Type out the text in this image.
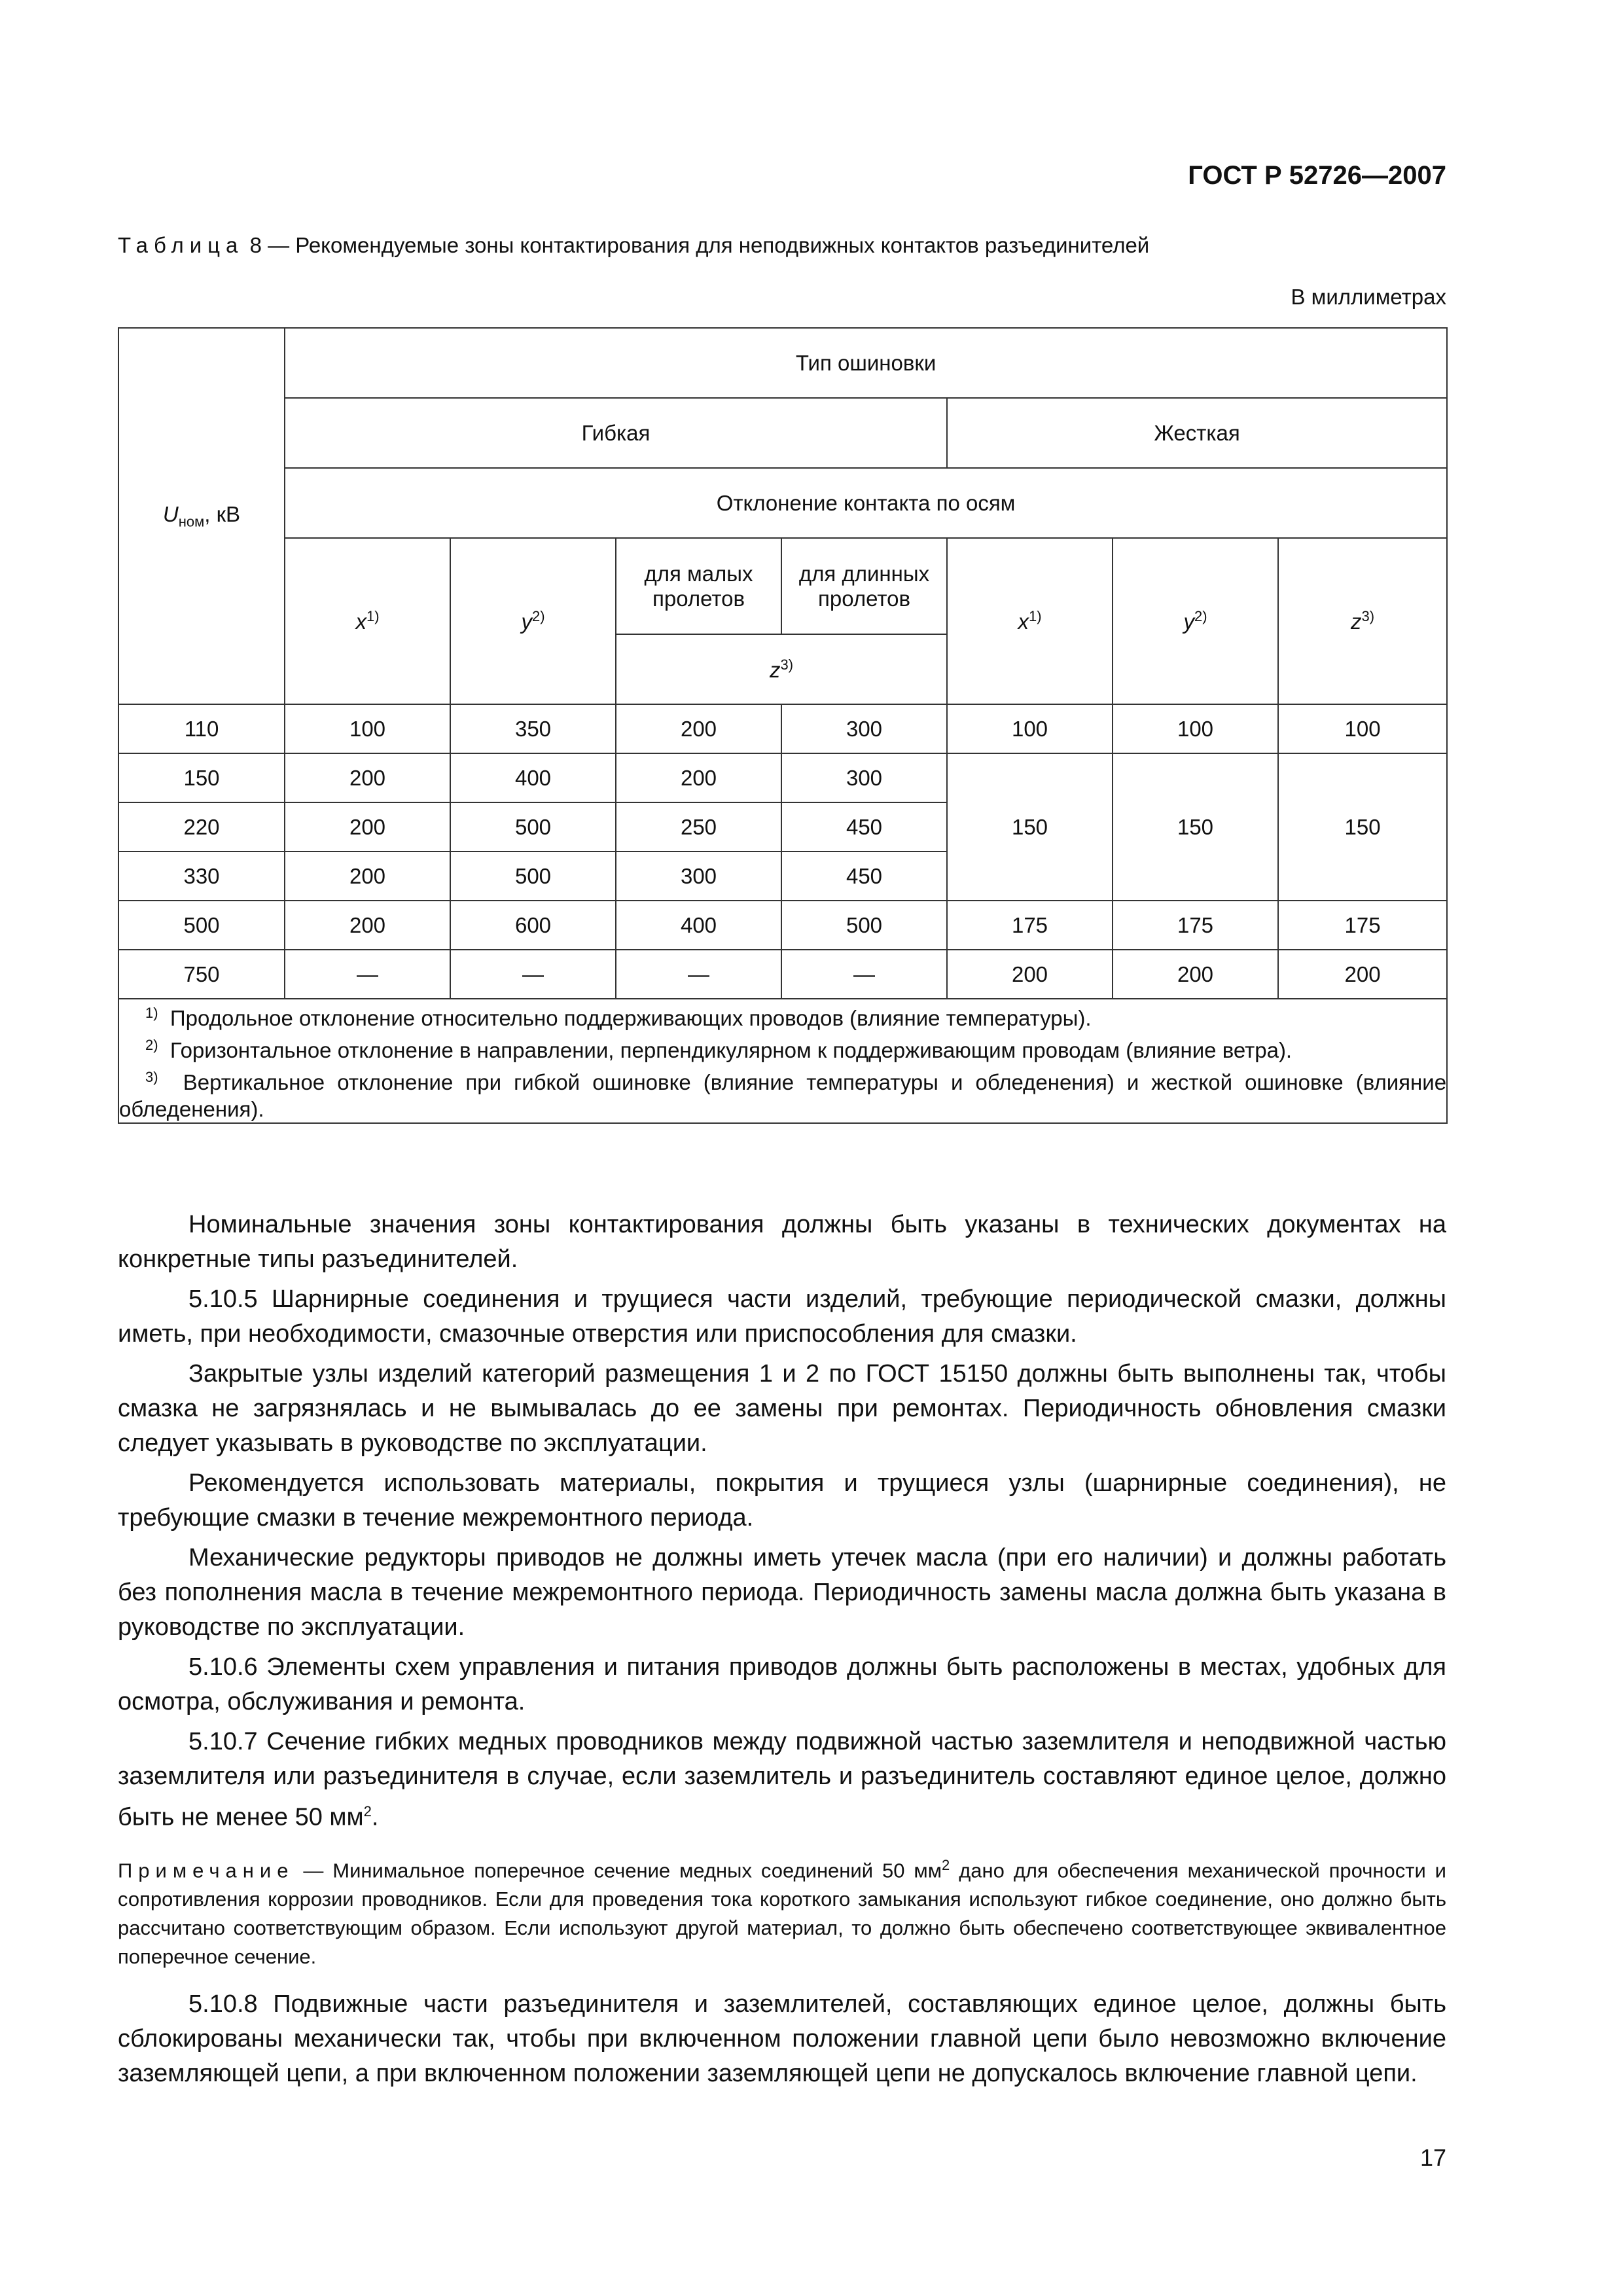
ГОСТ Р 52726—2007
Таблица 8 — Рекомендуемые зоны контактирования для неподвижных контактов разъединителей
В миллиметрах
$U_{ном}$, кВ	Тип ошиновки						
	Гибкая				Жесткая		
	Отклонение контакта по осям						
	$x^{1)}$	$y^{2)}$	для малых пролетов	для длинных пролетов	$x^{1)}$	$y^{2)}$	$z^{3)}$
			$z^{3)}$
110	100	350	200	300	100	100	100
150	200	400	200	300	150	150	150
220	200	500	250	450			
330	200	500	300	450			
500	200	600	400	500	175	175	175
750	—	—	—	—	200	200	200

$^{1)}$ Продольное отклонение относительно поддерживающих проводов (влияние температуры).
$^{2)}$ Горизонтальное отклонение в направлении, перпендикулярном к поддерживающим проводам (влияние ветра).
$^{3)}$ Вертикальное отклонение при гибкой ошиновке (влияние температуры и обледенения) и жесткой ошиновке (влияние обледенения).							

Номинальные значения зоны контактирования должны быть указаны в технических документах на конкретные типы разъединителей.

5.10.5 Шарнирные соединения и трущиеся части изделий, требующие периодической смазки, должны иметь, при необходимости, смазочные отверстия или приспособления для смазки.

Закрытые узлы изделий категорий размещения 1 и 2 по ГОСТ 15150 должны быть выполнены так, чтобы смазка не загрязнялась и не вымывалась до ее замены при ремонтах. Периодичность обновления смазки следует указывать в руководстве по эксплуатации.

Рекомендуется использовать материалы, покрытия и трущиеся узлы (шарнирные соединения), не требующие смазки в течение межремонтного периода.

Механические редукторы приводов не должны иметь утечек масла (при его наличии) и должны работать без пополнения масла в течение межремонтного периода. Периодичность замены масла должна быть указана в руководстве по эксплуатации.

5.10.6 Элементы схем управления и питания приводов должны быть расположены в местах, удобных для осмотра, обслуживания и ремонта.

5.10.7 Сечение гибких медных проводников между подвижной частью заземлителя и неподвижной частью заземлителя или разъединителя в случае, если заземлитель и разъединитель составляют единое целое, должно быть не менее 50 $мм^2$.

Примечание — Минимальное поперечное сечение медных соединений 50 $мм^2$ дано для обеспечения механической прочности и сопротивления коррозии проводников. Если для проведения тока короткого замыкания используют гибкое соединение, оно должно быть рассчитано соответствующим образом. Если используют другой материал, то должно быть обеспечено соответствующее эквивалентное поперечное сечение.

5.10.8 Подвижные части разъединителя и заземлителей, составляющих единое целое, должны быть сблокированы механически так, чтобы при включенном положении главной цепи было невозможно включение заземляющей цепи, а при включенном положении заземляющей цепи не допускалось включение главной цепи.

17
